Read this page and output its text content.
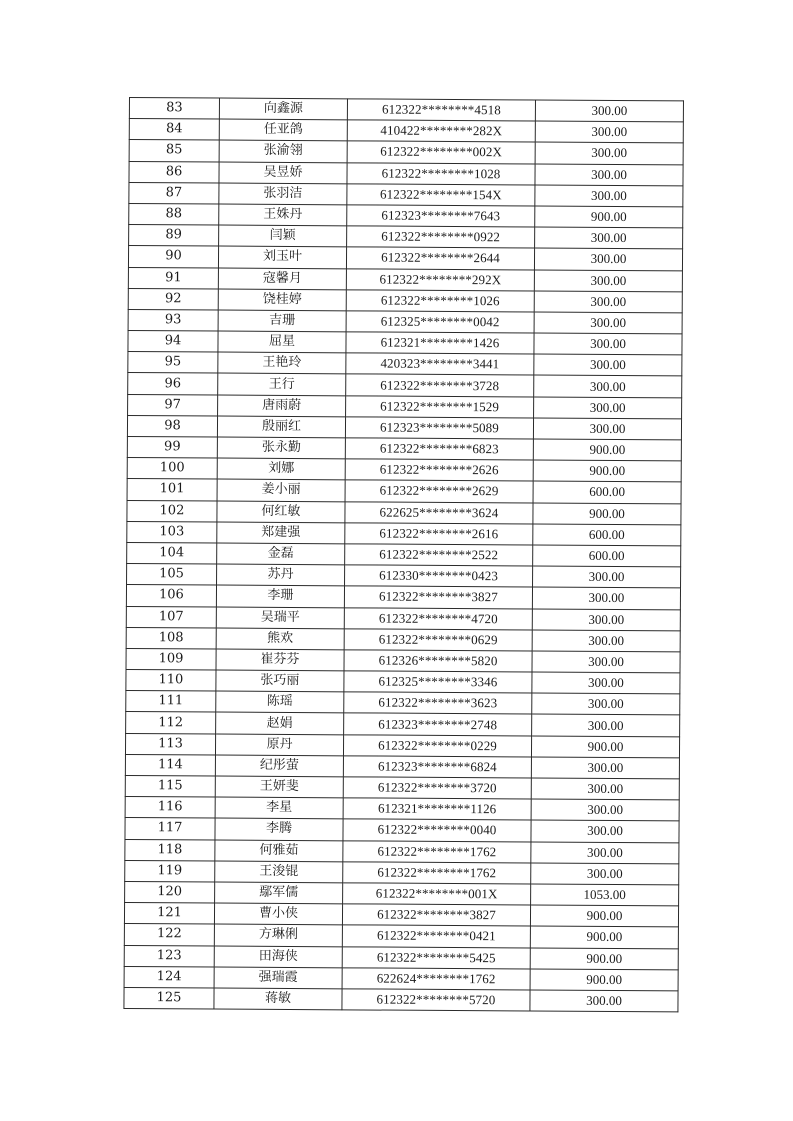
83	向鑫源	612322********4518	300.00
84	任亚鸽	410422********282X	300.00
85	张渝翎	612322********002X	300.00
86	吴昱娇	612322********1028	300.00
87	张羽洁	612322********154X	300.00
88	王姝丹	612323********7643	900.00
89	闫颖	612322********0922	300.00
90	刘玉叶	612322********2644	300.00
91	寇馨月	612322********292X	300.00
92	饶桂婷	612322********1026	300.00
93	吉珊	612325********0042	300.00
94	屈星	612321********1426	300.00
95	王艳玲	420323********3441	300.00
96	王行	612322********3728	300.00
97	唐雨蔚	612322********1529	300.00
98	殷丽红	612323********5089	300.00
99	张永勤	612322********6823	900.00
100	刘娜	612322********2626	900.00
101	姜小丽	612322********2629	600.00
102	何红敏	622625********3624	900.00
103	郑建强	612322********2616	600.00
104	金磊	612322********2522	600.00
105	苏丹	612330********0423	300.00
106	李珊	612322********3827	300.00
107	吴瑞平	612322********4720	300.00
108	熊欢	612322********0629	300.00
109	崔芬芬	612326********5820	300.00
110	张巧丽	612325********3346	300.00
111	陈瑶	612322********3623	300.00
112	赵娟	612323********2748	300.00
113	原丹	612322********0229	900.00
114	纪彤萤	612323********6824	300.00
115	王妍斐	612322********3720	300.00
116	李星	612321********1126	300.00
117	李腾	612322********0040	300.00
118	何雅茹	612322********1762	300.00
119	王浚锟	612322********1762	300.00
120	鄢军儒	612322********001X	1053.00
121	曹小侠	612322********3827	900.00
122	方琳俐	612322********0421	900.00
123	田海侠	612322********5425	900.00
124	强瑞霞	622624********1762	900.00
125	蒋敏	612322********5720	300.00
